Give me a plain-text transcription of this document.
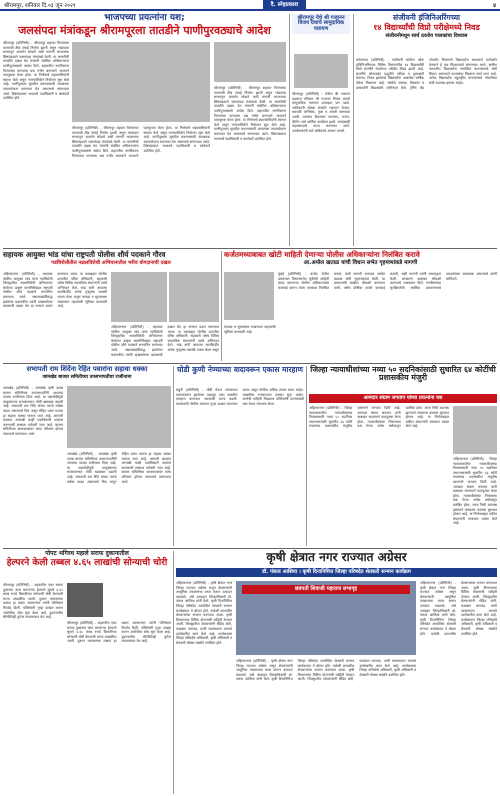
श्रीरामपूर, शनिवार दि.०३ जून २०२१	दै. स्नेहप्रकाश	४
भाजपच्या प्रयत्नांना यश;
जलसंपदा मंत्रांकडून श्रीरामपूरला तातडीने पाणीपुरवठ्याचे आदेश
श्रीरामपूर (प्रतिनिधी) - श्रीरामपूर शहरात पिण्याच्या पाण्याची तीव्र टंचाई निर्माण झाली असून भंडारदरा धरणातून आवर्तन सोडावे अशी मागणी भाजपच्या शिष्टमंडळाने जलसंपदा मंत्र्यांकडे केली. या मागणीची तातडीने दखल घेत मंत्र्यांनी संबंधित अधिकाऱ्यांना पाणीपुरवठ्याचे आदेश दिले. शहरातील नागरिकांना पिण्याच्या पाण्याचा प्रश्न गंभीर बनल्याने भाजपने पाठपुरावा केला होता. या निर्णयाचे शहरवासियांनी स्वागत केले असून नगरपालिकेने नियोजन सुरू केले आहे. पाणीपुरवठा सुरळीत करण्यासाठी आवश्यक उपाययोजना करण्यात येत असल्याचे सांगण्यात आले. शिष्टमंडळात भाजपचे पदाधिकारी व कार्यकर्ते उपस्थित होते.
श्रीरामपूर (प्रतिनिधी) - श्रीरामपूर शहरात पिण्याच्या पाण्याची तीव्र टंचाई निर्माण झाली असून भंडारदरा धरणातून आवर्तन सोडावे अशी मागणी भाजपच्या शिष्टमंडळाने जलसंपदा मंत्र्यांकडे केली. या मागणीची तातडीने दखल घेत मंत्र्यांनी संबंधित अधिकाऱ्यांना पाणीपुरवठ्याचे आदेश दिले. शहरातील नागरिकांना पिण्याच्या पाण्याचा प्रश्न गंभीर बनल्याने भाजपने पाठपुरावा केला होता. या निर्णयाचे शहरवासियांनी स्वागत केले असून नगरपालिकेने नियोजन सुरू केले आहे. पाणीपुरवठा सुरळीत करण्यासाठी आवश्यक उपाययोजना करण्यात येत असल्याचे सांगण्यात आले. शिष्टमंडळात भाजपचे पदाधिकारी व कार्यकर्ते उपस्थित होते.
श्रीरामपूर (प्रतिनिधी) - श्रीरामपूर शहरात पिण्याच्या पाण्याची तीव्र टंचाई निर्माण झाली असून भंडारदरा धरणातून आवर्तन सोडावे अशी मागणी भाजपच्या शिष्टमंडळाने जलसंपदा मंत्र्यांकडे केली. या मागणीची तातडीने दखल घेत मंत्र्यांनी संबंधित अधिकाऱ्यांना पाणीपुरवठ्याचे आदेश दिले. शहरातील नागरिकांना पिण्याच्या पाण्याचा प्रश्न गंभीर बनल्याने भाजपने पाठपुरावा केला होता. या निर्णयाचे शहरवासियांनी स्वागत केले असून नगरपालिकेने नियोजन सुरू केले आहे. पाणीपुरवठा सुरळीत करण्यासाठी आवश्यक उपाययोजना करण्यात येत असल्याचे सांगण्यात आले. शिष्टमंडळात भाजपचे पदाधिकारी व कार्यकर्ते उपस्थित होते.
श्रीरामपूर येथे श्री गजानन विजय ग्रंथाचे सामुदायिक पारायण
श्रीरामपूर (प्रतिनिधी) - येथील श्री गजानन महाराज मंदिरात श्री गजानन विजय ग्रंथाचे सामुदायिक पारायण उत्साहात पार पडले. भाविकांनी मोठ्या संख्येने सहभाग घेतला. सकाळी अभिषेक, पूजा व आरती करण्यात आली. त्यानंतर दिवसभर पारायण, भजन, कीर्तन असे धार्मिक कार्यक्रम झाले. सायंकाळी महाप्रसादाचे वाटप करण्यात आले. आयोजकांनी सर्व भाविकांचे आभार मानले.
संजीवनी इंजिनिअरिंगच्या
१४ विद्यार्थ्यांची विप्रो परीक्षेमध्ये निवड
संजीवनीमधून सार्थ ठरतोय पालकांचा विश्वास
कोपरगाव (प्रतिनिधी) - संजीवनी कॉलेज ऑफ इंजिनिअरिंगच्या विविध विभागांतील १४ विद्यार्थ्यांची विप्रो कंपनीने घेतलेल्या परीक्षेत निवड झाली आहे. कंपनीने ऑनलाईन पद्धतीने परीक्षा व मुलाखती घेतल्या. निवड झालेल्या विद्यार्थ्यांना आकर्षक वार्षिक पॅकेज मिळणार आहे. संस्थेचे अध्यक्ष, विश्वस्त व प्राचार्यांनी विद्यार्थ्यांचे अभिनंदन केले. ट्रेनिंग अँड प्लेसमेंट विभागाने विद्यार्थ्यांना सातत्याने मार्गदर्शन केल्याने हे यश मिळाल्याचे सांगण्यात आले. ग्रामीण भागातील विद्यार्थ्यांना नामांकित कंपन्यांमध्ये संधी मिळत असल्याने पालकांचा विश्वास सार्थ ठरत आहे. अनेक विद्यार्थ्यांना बहुराष्ट्रीय कंपन्यांमध्ये नोकरीच्या संधी उपलब्ध झाल्या आहेत.
सहायक आयुक्त भांड यांचा राष्ट्रपती पोलीस शौर्य पदकाने गौरव
गडचिरोलीतील नक्षलविरोधी अभियानातील भरीव योगदानाची दखल
अहिल्यानगर (प्रतिनिधी) - सहायक पोलीस आयुक्त भांड यांना गडचिरोली जिल्ह्यातील नक्षलविरोधी अभियानात केलेल्या उत्कृष्ट कामगिरीबद्दल राष्ट्रपती पोलीस शौर्य पदकाने सन्मानित करण्यात आले. नक्षलवाद्यांविरुद्ध झालेल्या चकमकीत त्यांनी दाखवलेल्या धाडसाची दखल घेत हा सन्मान प्रदान करण्यात आला. या यशाबद्दल पोलीस दलातील वरिष्ठ अधिकारी, सहकारी तसेच विविध सामाजिक संघटनांनी त्यांचे अभिनंदन केले. भांड यांनी आपल्या कारकिर्दीत अनेक गुन्ह्यांचा यशस्वी तपास केला असून कायदा व सुव्यवस्था राखण्यात महत्त्वाची भूमिका बजावली आहे.
अहिल्यानगर (प्रतिनिधी) - सहायक पोलीस आयुक्त भांड यांना गडचिरोली जिल्ह्यातील नक्षलविरोधी अभियानात केलेल्या उत्कृष्ट कामगिरीबद्दल राष्ट्रपती पोलीस शौर्य पदकाने सन्मानित करण्यात आले. नक्षलवाद्यांविरुद्ध झालेल्या चकमकीत त्यांनी दाखवलेल्या धाडसाची दखल घेत हा सन्मान प्रदान करण्यात आला. या यशाबद्दल पोलीस दलातील वरिष्ठ अधिकारी, सहकारी तसेच विविध सामाजिक संघटनांनी त्यांचे अभिनंदन केले. भांड यांनी आपल्या कारकिर्दीत अनेक गुन्ह्यांचा यशस्वी तपास केला असून कायदा व सुव्यवस्था राखण्यात महत्त्वाची भूमिका बजावली आहे.
कर्जतमध्याबाबत खोटी माहिती देणाऱ्या पोलीस अधिकाऱ्यांना निलंबित करावे
आ.अमोल खताळ यांची विधान सभेत गृहमंत्र्यांकडे मागणी
मुंबई (प्रतिनिधी) - कर्जत येथील प्रकरणात विधानसभेत चुकीची माहिती सादर करणाऱ्या पोलीस अधिकाऱ्यांवर कारवाई करून त्यांना तात्काळ निलंबित करावे, अशी मागणी आमदार अमोल खताळ यांनी गृहमंत्र्यांकडे केली. या प्रकरणाची सखोल चौकशी करण्यात यावी, तसेच दोषींवर कठोर कारवाई करावी, अशी मागणी त्यांनी सभागृहात केली. सरकारने याबाबत चौकशी करण्याचे आश्वासन दिले. नागरिकांच्या सुरक्षिततेशी संबंधित प्रकरणांमध्ये पारदर्शकता आवश्यक असल्याचे त्यांनी सांगितले.
सभापती राम शिंदेंना रेहिंत पवारांना सहावा धक्का
जामखेड बाजार समितीच्या उपसभापतीचा राजीनामा
जामखेड (प्रतिनिधी) - जामखेड कृषी उत्पन्न बाजार समितीच्या उपसभापतींनी आपल्या पदाचा राजीनामा दिला आहे. या घडामोडीमुळे तालुक्याच्या राजकारणात मोठी खळबळ उडाली आहे. सभापती राम शिंदे यांच्या गटाचे वर्चस्व वाढत असल्याचे चित्र असून रोहित पवार गटाला हा सहावा धक्का मानला जात आहे. आगामी काळात आणखी काही पदाधिकारी पक्षांतर करण्याची शक्यता वर्तवली जात आहे. बाजार समितीच्या कामकाजावर याचा परिणाम होणार नसल्याचे सांगण्यात आले.
जामखेड (प्रतिनिधी) - जामखेड कृषी उत्पन्न बाजार समितीच्या उपसभापतींनी आपल्या पदाचा राजीनामा दिला आहे. या घडामोडीमुळे तालुक्याच्या राजकारणात मोठी खळबळ उडाली आहे. सभापती राम शिंदे यांच्या गटाचे वर्चस्व वाढत असल्याचे चित्र असून रोहित पवार गटाला हा सहावा धक्का मानला जात आहे. आगामी काळात आणखी काही पदाधिकारी पक्षांतर करण्याची शक्यता वर्तवली जात आहे. बाजार समितीच्या कामकाजावर याचा परिणाम होणार नसल्याचे सांगण्यात आले.
घोडी कुणी नेण्याच्या वादावरून एकास मारहाण
राहुरी (प्रतिनिधी) - घोडी घेऊन जाण्याच्या कारणावरून झालेल्या वादातून एका व्यक्तीस मारहाण करण्यात आल्याची घटना घडली. याप्रकरणी पोलीस ठाण्यात गुन्हा दाखल करण्यात आला असून पोलीस अधिक तपास करत आहेत. जखमीवर रुग्णालयात उपचार सुरू आहेत. घटनेची माहिती मिळताच पोलिसांनी घटनास्थळी धाव घेऊन पंचनामा केला.
जिल्हा न्यायाधीशांच्या नव्या ५० सदनिकांसाठी सुधारित ६४ कोटींची प्रशासकीय मंजुरी
आमदार संग्राम जगताप यांच्या प्रयत्नांना यश
अहिल्यानगर (प्रतिनिधी) - जिल्हा न्यायालयातील न्यायाधीशांच्या निवासासाठी नव्या ५० सदनिका उभारण्यासाठी सुधारित ६४ कोटी रुपयांच्या प्रशासकीय मंजुरीस शासनाने मान्यता दिली आहे. आमदार संग्राम जगताप यांनी याबाबत सातत्याने पाठपुरावा केला होता. न्यायाधीशांच्या निवासाचा प्रश्न गेल्या अनेक वर्षांपासून प्रलंबित होता. आता निधी उपलब्ध झाल्याने लवकरच कामास सुरुवात होणार आहे. या निर्णयाबद्दल वकील संघटनांनी समाधान व्यक्त केले आहे.
अहिल्यानगर (प्रतिनिधी) - जिल्हा न्यायालयातील न्यायाधीशांच्या निवासासाठी नव्या ५० सदनिका उभारण्यासाठी सुधारित ६४ कोटी रुपयांच्या प्रशासकीय मंजुरीस शासनाने मान्यता दिली आहे. आमदार संग्राम जगताप यांनी याबाबत सातत्याने पाठपुरावा केला होता. न्यायाधीशांच्या निवासाचा प्रश्न गेल्या अनेक वर्षांपासून प्रलंबित होता. आता निधी उपलब्ध झाल्याने लवकरच कामास सुरुवात होणार आहे. या निर्णयाबद्दल वकील संघटनांनी समाधान व्यक्त केले आहे.
पोपट भगिरथ महाले सराफ दुकानातील
हेल्परने केली तब्बल ४.६५ लाखांची सोन्याची चोरी
श्रीरामपूर (प्रतिनिधी) - शहरातील एका सराफ दुकानात काम करणाऱ्या हेल्परने सुमारे ४.६५ लाख रुपये किमतीच्या सोन्याची चोरी केल्याची घटना उघडकीस आली. दुकान मालकाच्या लक्षात हा प्रकार आल्यानंतर त्यांनी पोलिसांत फिर्याद दिली. पोलिसांनी गुन्हा दाखल करून आरोपीचा शोध सुरू केला आहे. दुकानातील सीसीटीव्ही फुटेज तपासण्यात येत आहे.
श्रीरामपूर (प्रतिनिधी) - शहरातील एका सराफ दुकानात काम करणाऱ्या हेल्परने सुमारे ४.६५ लाख रुपये किमतीच्या सोन्याची चोरी केल्याची घटना उघडकीस आली. दुकान मालकाच्या लक्षात हा प्रकार आल्यानंतर त्यांनी पोलिसांत फिर्याद दिली. पोलिसांनी गुन्हा दाखल करून आरोपीचा शोध सुरू केला आहे. दुकानातील सीसीटीव्ही फुटेज तपासण्यात येत आहे.
कृषी क्षेत्रात नगर राज्यात अग्रेसर
डॉ. पंकज आशिया । कृषी दिनानिमित्त जिल्हा परिषदेत शेतकरी सन्मान कार्यक्रम
अहिल्यानगर (प्रतिनिधी) - कृषी क्षेत्रात नगर जिल्हा राज्यात अग्रेसर असून शेतकऱ्यांनी आधुनिक तंत्रज्ञानाचा वापर करून उत्पादन वाढवावे, असे आवाहन जिल्हाधिकारी डॉ. पंकज आशिया यांनी केले. कृषी दिनानिमित्त जिल्हा परिषदेत आयोजित शेतकरी सन्मान कार्यक्रमात ते बोलत होते. यावेळी प्रगतशील शेतकऱ्यांचा सन्मान करण्यात आला. कृषी विभागाच्या विविध योजनांची माहिती देण्यात आली. जिल्ह्यातील शेतकऱ्यांनी सेंद्रिय शेती, फळबाग लागवड, पाणी व्यवस्थापन यामध्ये उल्लेखनीय काम केले आहे. कार्यक्रमास जिल्हा परिषदेचे अधिकारी, कृषी अधिकारी व शेतकरी मोठ्या संख्येने उपस्थित होते.
छत्रपती शिवाजी महाराज सभागृह
अहिल्यानगर (प्रतिनिधी) - कृषी क्षेत्रात नगर जिल्हा राज्यात अग्रेसर असून शेतकऱ्यांनी आधुनिक तंत्रज्ञानाचा वापर करून उत्पादन वाढवावे, असे आवाहन जिल्हाधिकारी डॉ. पंकज आशिया यांनी केले. कृषी दिनानिमित्त जिल्हा परिषदेत आयोजित शेतकरी सन्मान कार्यक्रमात ते बोलत होते. यावेळी प्रगतशील शेतकऱ्यांचा सन्मान करण्यात आला. कृषी विभागाच्या विविध योजनांची माहिती देण्यात आली. जिल्ह्यातील शेतकऱ्यांनी सेंद्रिय शेती, फळबाग लागवड, पाणी व्यवस्थापन यामध्ये उल्लेखनीय काम केले आहे. कार्यक्रमास जिल्हा परिषदेचे अधिकारी, कृषी अधिकारी व शेतकरी मोठ्या संख्येने उपस्थित होते.
अहिल्यानगर (प्रतिनिधी) - कृषी क्षेत्रात नगर जिल्हा राज्यात अग्रेसर असून शेतकऱ्यांनी आधुनिक तंत्रज्ञानाचा वापर करून उत्पादन वाढवावे, असे आवाहन जिल्हाधिकारी डॉ. पंकज आशिया यांनी केले. कृषी दिनानिमित्त जिल्हा परिषदेत आयोजित शेतकरी सन्मान कार्यक्रमात ते बोलत होते. यावेळी प्रगतशील शेतकऱ्यांचा सन्मान करण्यात आला. कृषी विभागाच्या विविध योजनांची माहिती देण्यात आली. जिल्ह्यातील शेतकऱ्यांनी सेंद्रिय शेती, फळबाग लागवड, पाणी व्यवस्थापन यामध्ये उल्लेखनीय काम केले आहे. कार्यक्रमास जिल्हा परिषदेचे अधिकारी, कृषी अधिकारी व शेतकरी मोठ्या संख्येने उपस्थित होते.
